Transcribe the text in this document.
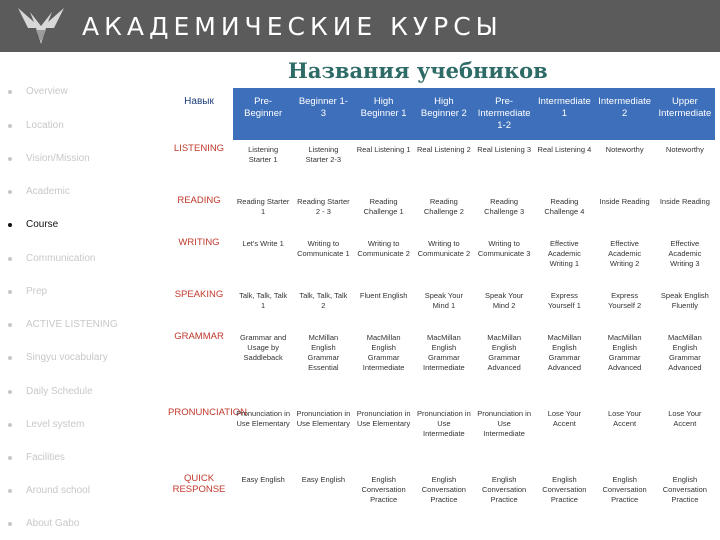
АКАДЕМИЧЕСКИЕ КУРСЫ
Названия учебников
Overview
Location
Vision/Mission
Academic
Course
Communication
Prep
ACTIVE LISTENING
Singyu vocabulary
Daily Schedule
Level system
Facilities
Around school
About Gabo
Навык	Pre-Beginner	Beginner 1-3	High Beginner 1	High Beginner 2	Pre-Intermediate 1-2	Intermediate 1	Intermediate 2	Upper Intermediate
LISTENING	Listening Starter 1	Listening Starter 2-3	Real Listening 1	Real Listening 2	Real Listening 3	Real Listening 4	Noteworthy	Noteworthy
READING	Reading Starter 1	Reading Starter 2 - 3	Reading Challenge 1	Reading Challenge 2	Reading Challenge 3	Reading Challenge 4	Inside Reading	Inside Reading
WRITING	Let's Write 1	Writing to Communicate 1	Writing to Communicate 2	Writing to Communicate 2	Writing to Communicate 3	Effective Academic Writing 1	Effective Academic Writing 2	Effective Academic Writing 3
SPEAKING	Talk, Talk, Talk 1	Talk, Talk, Talk 2	Fluent English	Speak Your Mind 1	Speak Your Mind 2	Express Yourself 1	Express Yourself 2	Speak English Fluently
GRAMMAR	Grammar and Usage by Saddleback	McMillan English Grammar Essential	MacMillan English Grammar Intermediate	MacMillan English Grammar Intermediate	MacMillan English Grammar Advanced	MacMillan English Grammar Advanced	MacMillan English Grammar Advanced	MacMillan English Grammar Advanced
PRONUNCIATION	Pronunciation in Use Elementary	Pronunciation in Use Elementary	Pronunciation in Use Elementary	Pronunciation in Use Intermediate	Pronunciation in Use Intermediate	Lose Your Accent	Lose Your Accent	Lose Your Accent
QUICK RESPONSE	Easy English	Easy English	English Conversation Practice	English Conversation Practice	English Conversation Practice	English Conversation Practice	English Conversation Practice	English Conversation Practice
